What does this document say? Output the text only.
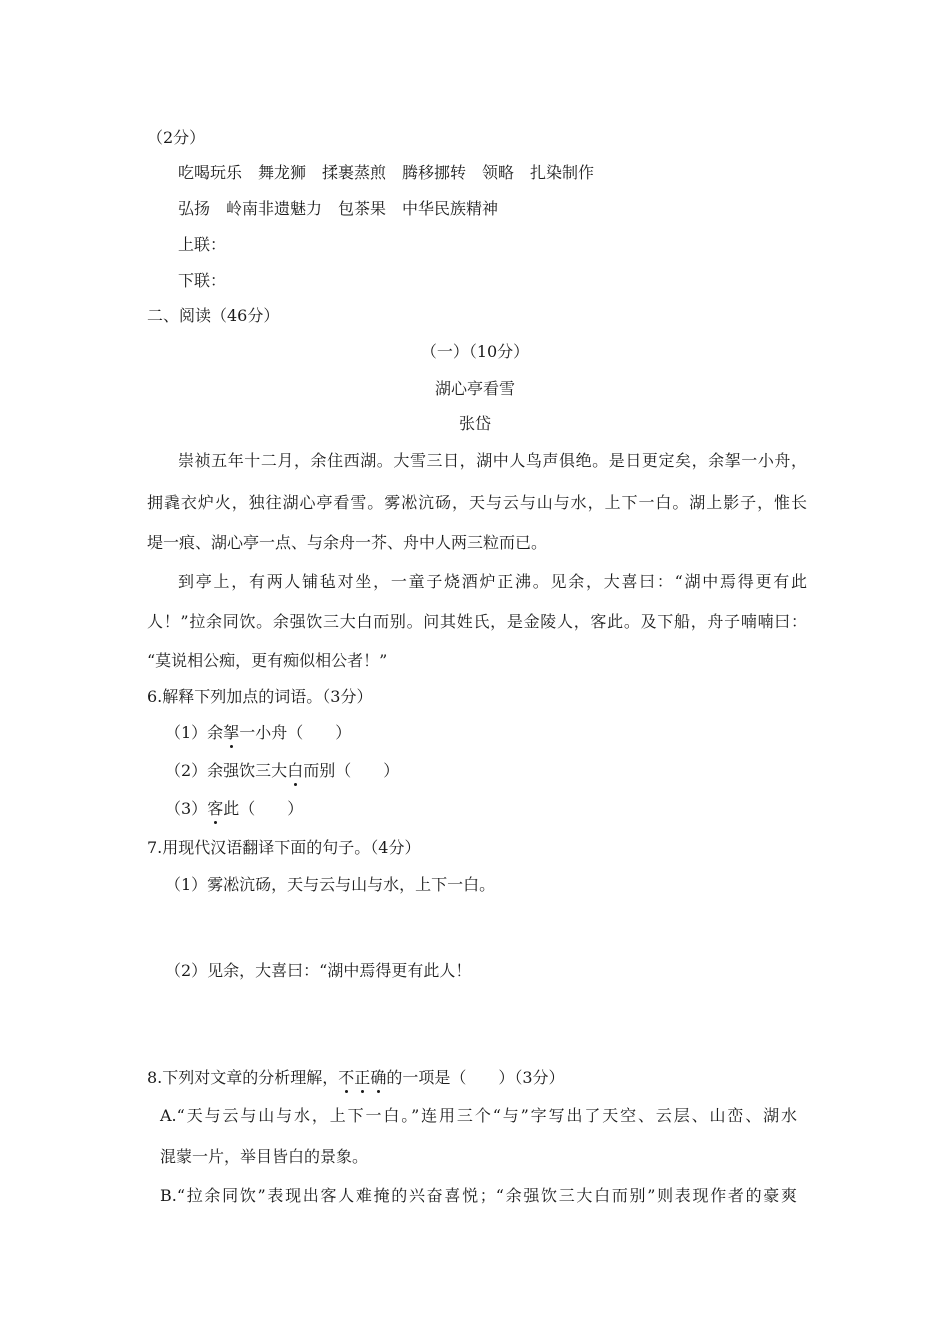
（2分）
吃喝玩乐　舞龙狮　揉裹蒸煎　腾移挪转　领略　扎染制作
弘扬　岭南非遗魅力　包茶果　中华民族精神
上联：
下联：
二、阅读（46分）
（一）（10分）
湖心亭看雪
张岱
崇祯五年十二月，余住西湖。大雪三日，湖中人鸟声俱绝。是日更定矣，余挐一小舟，
拥毳衣炉火，独往湖心亭看雪。雾凇沆砀，天与云与山与水，上下一白。湖上影子，惟长
堤一痕、湖心亭一点、与余舟一芥、舟中人两三粒而已。
到亭上，有两人铺毡对坐，一童子烧酒炉正沸。见余，大喜曰：“湖中焉得更有此
人！”拉余同饮。余强饮三大白而别。问其姓氏，是金陵人，客此。及下船，舟子喃喃曰：
“莫说相公痴，更有痴似相公者！”
6.解释下列加点的词语。（3分）
（1）余挐一小舟（　　）
（2）余强饮三大白而别（　　）
（3）客此（　　）
7.用现代汉语翻译下面的句子。（4分）
（1）雾凇沆砀，天与云与山与水，上下一白。
（2）见余，大喜曰：“湖中焉得更有此人！
8.下列对文章的分析理解，不正确的一项是（　　）（3分）
A.“天与云与山与水，上下一白。”连用三个“与”字写出了天空、云层、山峦、湖水
混蒙一片，举目皆白的景象。
B.“拉余同饮”表现出客人难掩的兴奋喜悦；“余强饮三大白而别”则表现作者的豪爽
